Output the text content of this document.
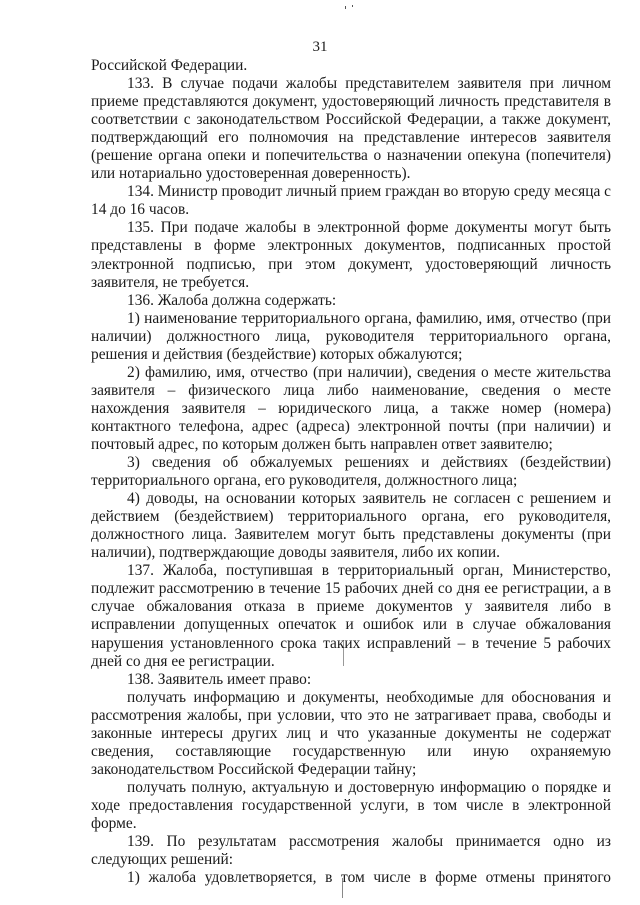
31

Российской Федерации.

133. В случае подачи жалобы представителем заявителя при личном приеме представляются документ, удостоверяющий личность представителя в соответствии с законодательством Российской Федерации, а также документ, подтверждающий его полномочия на представление интересов заявителя (решение органа опеки и попечительства о назначении опекуна (попечителя) или нотариально удостоверенная доверенность).

134. Министр проводит личный прием граждан во вторую среду месяца с 14 до 16 часов.

135. При подаче жалобы в электронной форме документы могут быть представлены в форме электронных документов, подписанных простой электронной подписью, при этом документ, удостоверяющий личность заявителя, не требуется.

136. Жалоба должна содержать:

1) наименование территориального органа, фамилию, имя, отчество (при наличии) должностного лица, руководителя территориального органа, решения и действия (бездействие) которых обжалуются;

2) фамилию, имя, отчество (при наличии), сведения о месте жительства заявителя – физического лица либо наименование, сведения о месте нахождения заявителя – юридического лица, а также номер (номера) контактного телефона, адрес (адреса) электронной почты (при наличии) и почтовый адрес, по которым должен быть направлен ответ заявителю;

3) сведения об обжалуемых решениях и действиях (бездействии) территориального органа, его руководителя, должностного лица;

4) доводы, на основании которых заявитель не согласен с решением и действием (бездействием) территориального органа, его руководителя, должностного лица. Заявителем могут быть представлены документы (при наличии), подтверждающие доводы заявителя, либо их копии.

137. Жалоба, поступившая в территориальный орган, Министерство, подлежит рассмотрению в течение 15 рабочих дней со дня ее регистрации, а в случае обжалования отказа в приеме документов у заявителя либо в исправлении допущенных опечаток и ошибок или в случае обжалования нарушения установленного срока таких исправлений – в течение 5 рабочих дней со дня ее регистрации.

138. Заявитель имеет право:

получать информацию и документы, необходимые для обоснования и рассмотрения жалобы, при условии, что это не затрагивает права, свободы и законные интересы других лиц и что указанные документы не содержат сведения, составляющие государственную или иную охраняемую законодательством Российской Федерации тайну;

получать полную, актуальную и достоверную информацию о порядке и ходе предоставления государственной услуги, в том числе в электронной форме.

139. По результатам рассмотрения жалобы принимается одно из следующих решений:

1) жалоба удовлетворяется, в том числе в форме отмены принятого
